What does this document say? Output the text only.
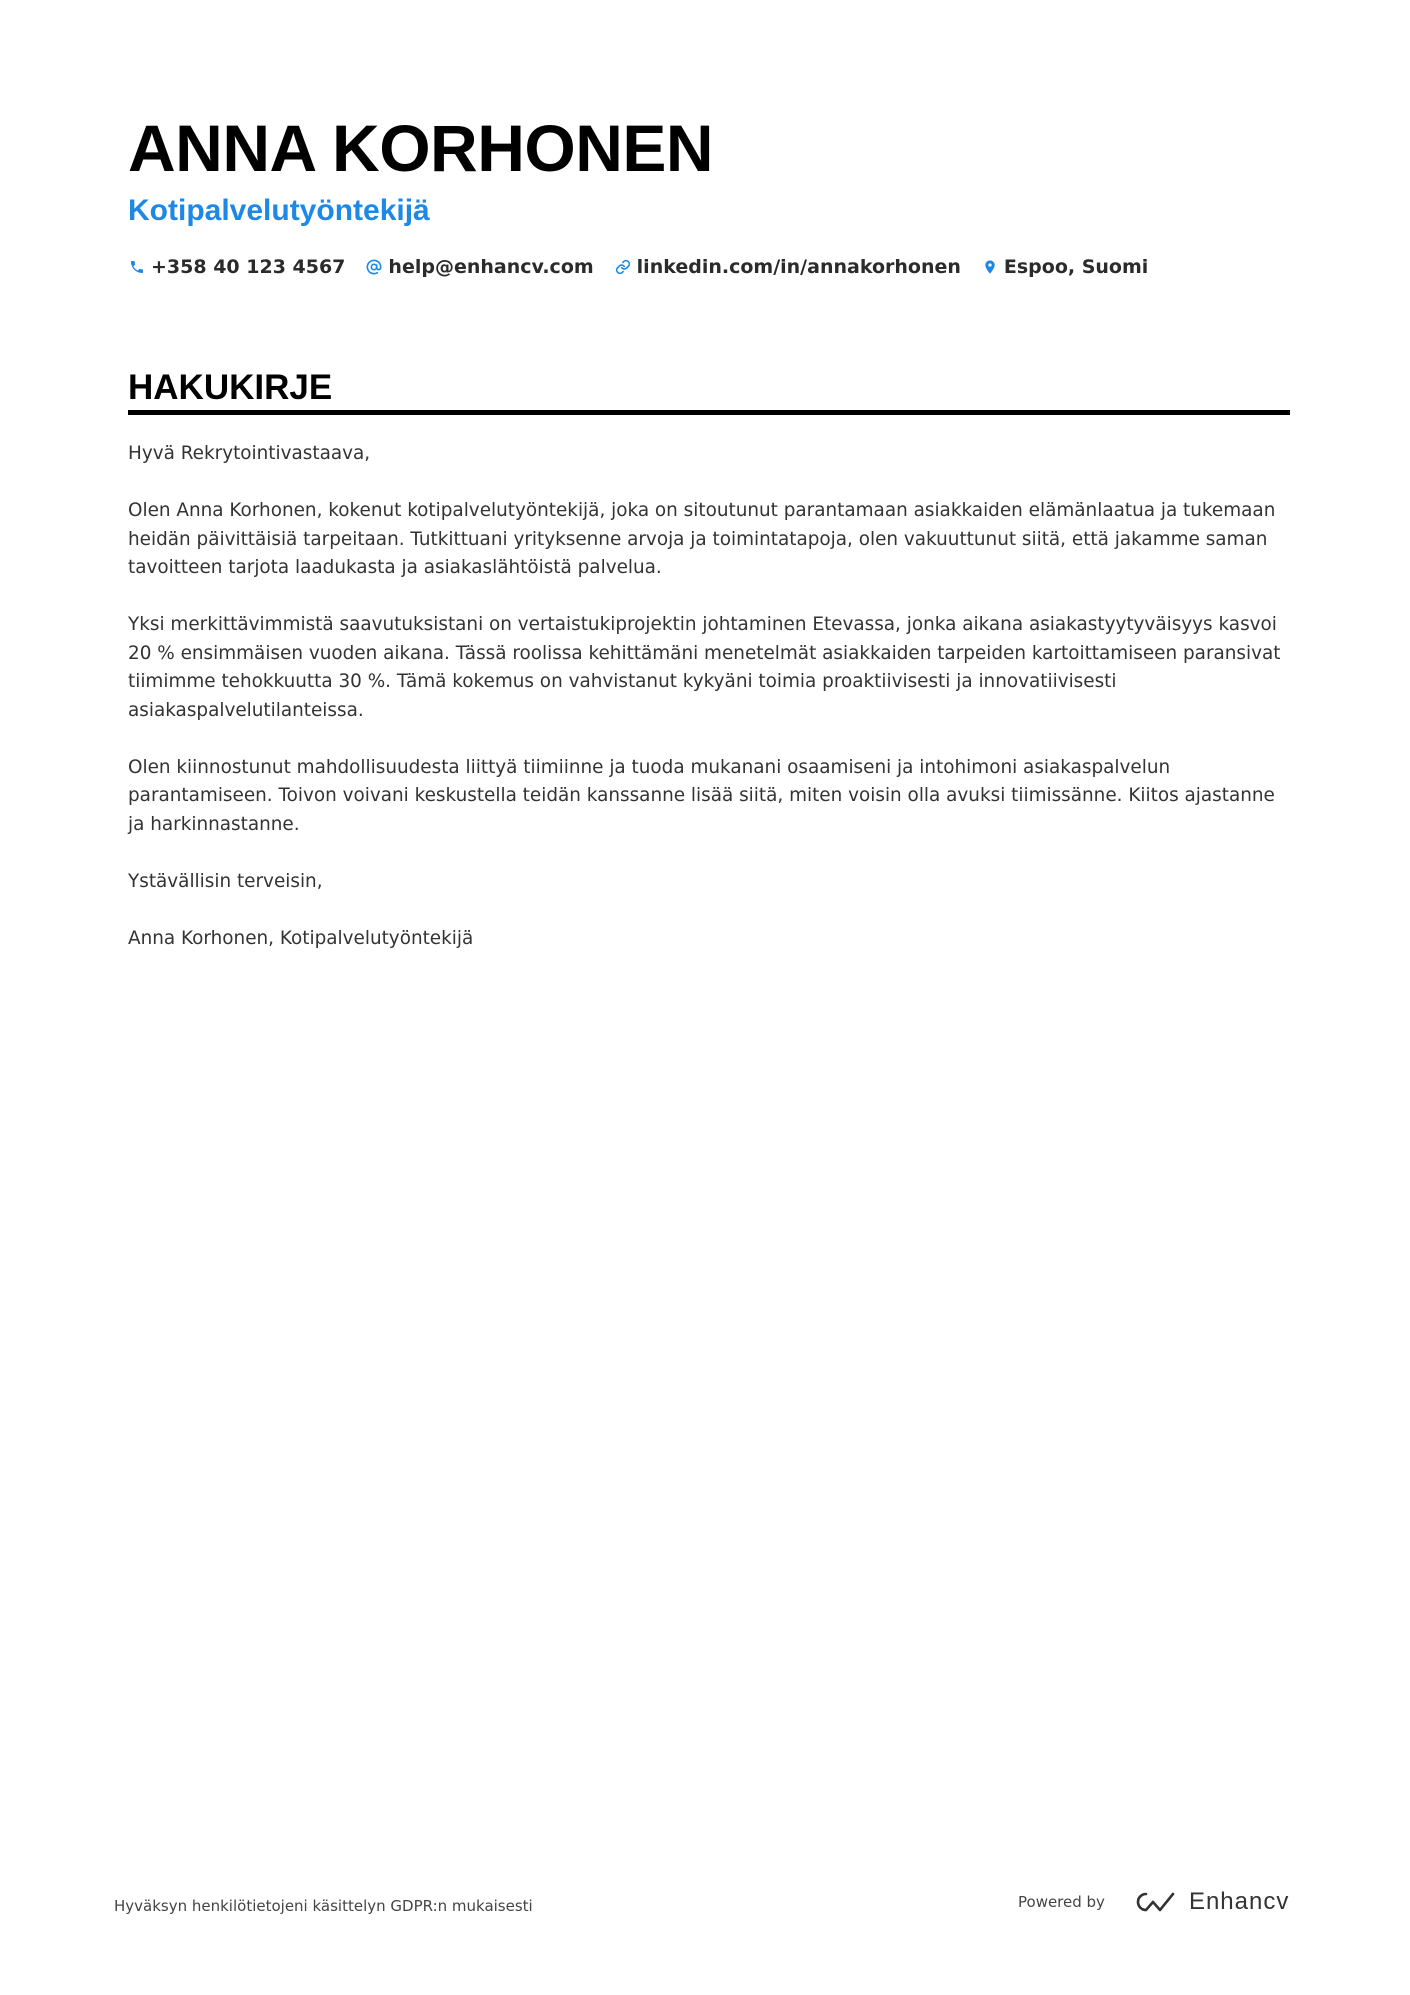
ANNA KORHONEN
Kotipalvelutyöntekijä
+358 40 123 4567 help@enhancv.com linkedin.com/in/annakorhonen Espoo, Suomi
HAKUKIRJE

Hyvä Rekrytointivastaava,

Olen Anna Korhonen, kokenut kotipalvelutyöntekijä, joka on sitoutunut parantamaan asiakkaiden elämänlaatua ja tukemaan heidän päivittäisiä tarpeitaan. Tutkittuani yrityksenne arvoja ja toimintatapoja, olen vakuuttunut siitä, että jakamme saman tavoitteen tarjota laadukasta ja asiakaslähtöistä palvelua.

Yksi merkittävimmistä saavutuksistani on vertaistukiprojektin johtaminen Etevassa, jonka aikana asiakastyytyväisyys kasvoi 20 % ensimmäisen vuoden aikana. Tässä roolissa kehittämäni menetelmät asiakkaiden tarpeiden kartoittamiseen paransivat tiimimme tehokkuutta 30 %. Tämä kokemus on vahvistanut kykyäni toimia proaktiivisesti ja innovatiivisesti asiakaspalvelutilanteissa.

Olen kiinnostunut mahdollisuudesta liittyä tiimiinne ja tuoda mukanani osaamiseni ja intohimoni asiakaspalvelun parantamiseen. Toivon voivani keskustella teidän kanssanne lisää siitä, miten voisin olla avuksi tiimissänne. Kiitos ajastanne ja harkinnastanne.

Ystävällisin terveisin,

Anna Korhonen, Kotipalvelutyöntekijä

Hyväksyn henkilötietojeni käsittelyn GDPR:n mukaisesti	Powered by	Enhancv
